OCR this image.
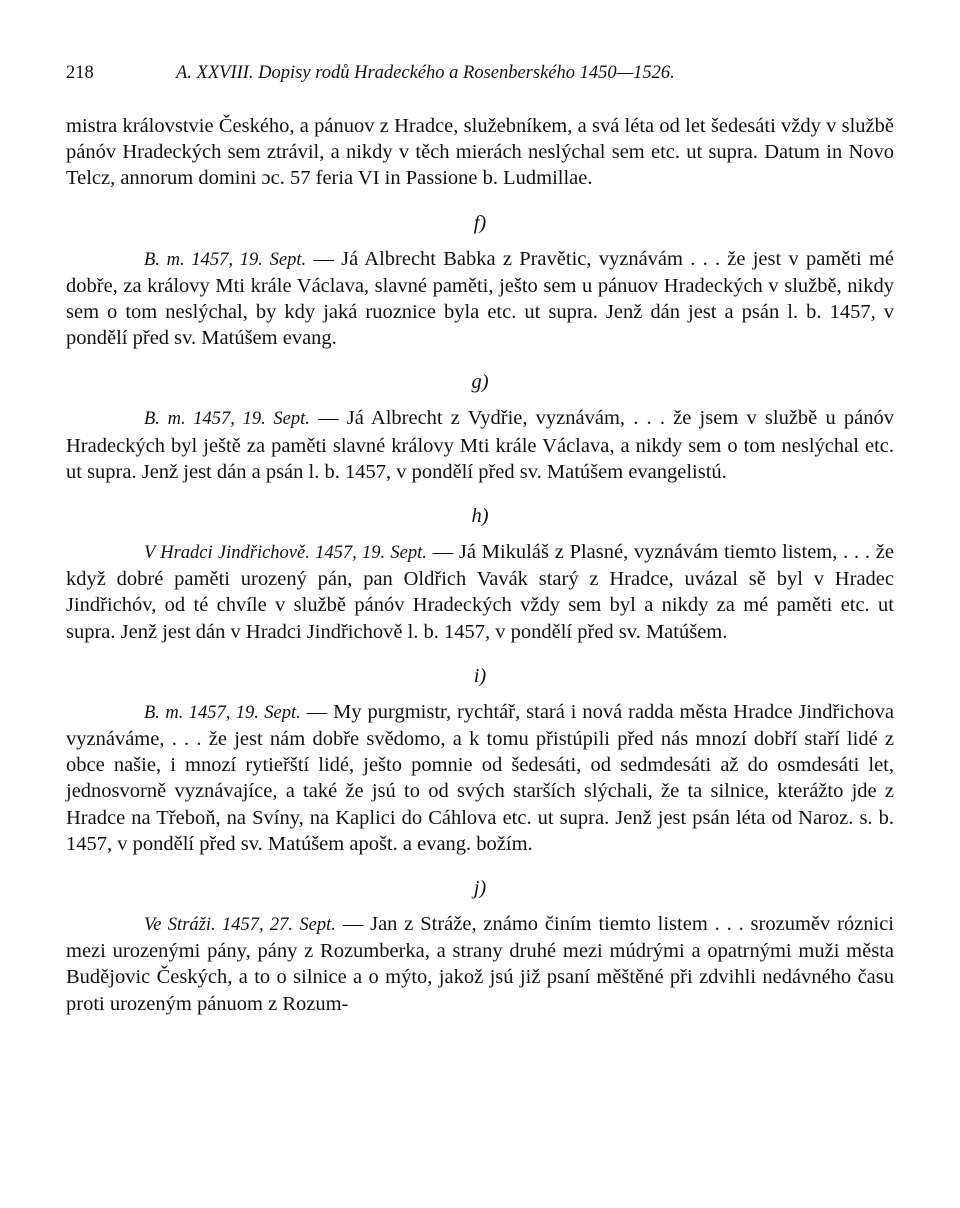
218	A. XXVIII. Dopisy rodů Hradeckého a Rosenberského 1450—1526.

mistra královstvie Českého, a pánuov z Hradce, služebníkem, a svá léta od let šedesáti vždy v službě pánóv Hradeckých sem ztrávil, a nikdy v těch mierách neslýchal sem etc. ut supra. Datum in Novo Telcz, annorum domini ɔc. 57 feria VI in Passione b. Ludmillae.

f)

B. m. 1457, 19. Sept. — Já Albrecht Babka z Pravětic, vyznávám . . . že jest v paměti mé dobře, za královy Mti krále Václava, slavné paměti, ješto sem u pánuov Hradeckých v službě, nikdy sem o tom neslýchal, by kdy jaká ruoznice byla etc. ut supra. Jenž dán jest a psán l. b. 1457, v pondělí před sv. Matúšem evang.

g)

B. m. 1457, 19. Sept. — Já Albrecht z Vydřie, vyznávám, . . . že jsem v službě u pánóv Hradeckých byl ještě za paměti slavné královy Mti krále Václava, a nikdy sem o tom neslýchal etc. ut supra. Jenž jest dán a psán l. b. 1457, v pondělí před sv. Matúšem evangelistú.

h)

V Hradci Jindřichově. 1457, 19. Sept. — Já Mikuláš z Plasné, vyznávám tiemto listem, . . . že když dobré paměti urozený pán, pan Oldřich Vavák starý z Hradce, uvázal sě byl v Hradec Jindřichóv, od té chvíle v službě pánóv Hradeckých vždy sem byl a nikdy za mé paměti etc. ut supra. Jenž jest dán v Hradci Jindřichově l. b. 1457, v pondělí před sv. Matúšem.

i)

B. m. 1457, 19. Sept. — My purgmistr, rychtář, stará i nová radda města Hradce Jindřichova vyznáváme, . . . že jest nám dobře svědomo, a k tomu přistúpili před nás mnozí dobří staří lidé z obce našie, i mnozí rytieřští lidé, ješto pomnie od šedesáti, od sedmdesáti až do osmdesáti let, jednosvorně vyznávajíce, a také že jsú to od svých starších slýchali, že ta silnice, kterážto jde z Hradce na Třeboň, na Svíny, na Kaplici do Cáhlova etc. ut supra. Jenž jest psán léta od Naroz. s. b. 1457, v pondělí před sv. Matúšem apošt. a evang. božím.

j)

Ve Stráži. 1457, 27. Sept. — Jan z Stráže, známo činím tiemto listem . . . srozuměv róznici mezi urozenými pány, pány z Rozumberka, a strany druhé mezi múdrými a opatrnými muži města Budějovic Českých, a to o silnice a o mýto, jakož jsú již psaní měštěné při zdvihli nedávného času proti urozeným pánuom z Rozum-
